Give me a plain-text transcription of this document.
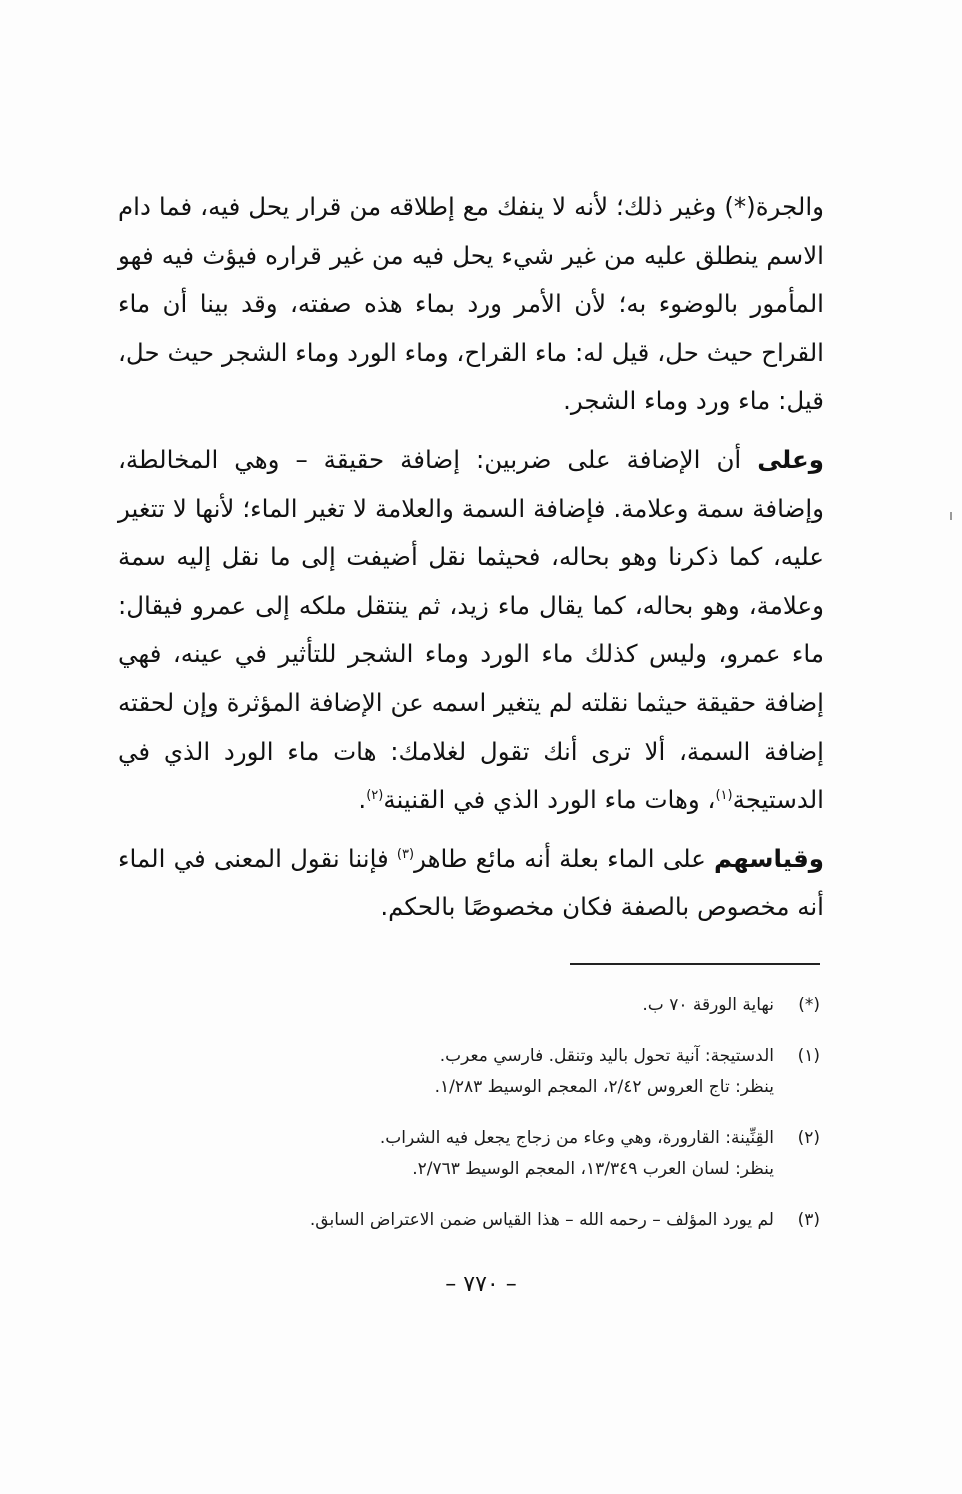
والجرة(*) وغير ذلك؛ لأنه لا ينفك مع إطلاقه من قرار يحل فيه، فما دام الاسم ينطلق عليه من غير شيء يحل فيه من غير قراره فيؤث فيه فهو المأمور بالوضوء به؛ لأن الأمر ورد بماء هذه صفته، وقد بينا أن ماء القراح حيث حل، قيل له: ماء القراح، وماء الورد وماء الشجر حيث حل، قيل: ماء ورد وماء الشجر.

وعلى أن الإضافة على ضربين: إضافة حقيقة – وهي المخالطة، وإضافة سمة وعلامة. فإضافة السمة والعلامة لا تغير الماء؛ لأنها لا تتغير عليه، كما ذكرنا وهو بحاله، فحيثما نقل أضيفت إلى ما نقل إليه سمة وعلامة، وهو بحاله، كما يقال ماء زيد، ثم ينتقل ملكه إلى عمرو فيقال: ماء عمرو، وليس كذلك ماء الورد وماء الشجر للتأثير في عينه، فهي إضافة حقيقة حيثما نقلته لم يتغير اسمه عن الإضافة المؤثرة وإن لحقته إضافة السمة، ألا ترى أنك تقول لغلامك: هات ماء الورد الذي في الدستيجة$^{(١)}$، وهات ماء الورد الذي في القنينة$^{(٢)}$.

وقياسهم على الماء بعلة أنه مائع طاهر$^{(٣)}$ فإننا نقول المعنى في الماء أنه مخصوص بالصفة فكان مخصوصًا بالحكم.

(*)
نهاية الورقة ٧٠ ب.
(١)
الدستيجة: آنية تحول باليد وتنقل. فارسي معرب.
ينظر: تاج العروس ٢/٤٢، المعجم الوسيط ١/٢٨٣.
(٢)
القِنِّينة: القارورة، وهي وعاء من زجاج يجعل فيه الشراب.
ينظر: لسان العرب ١٣/٣٤٩، المعجم الوسيط ٢/٧٦٣.
(٣)
لم يورد المؤلف – رحمه الله – هذا القياس ضمن الاعتراض السابق.
– ٧٧٠ –
